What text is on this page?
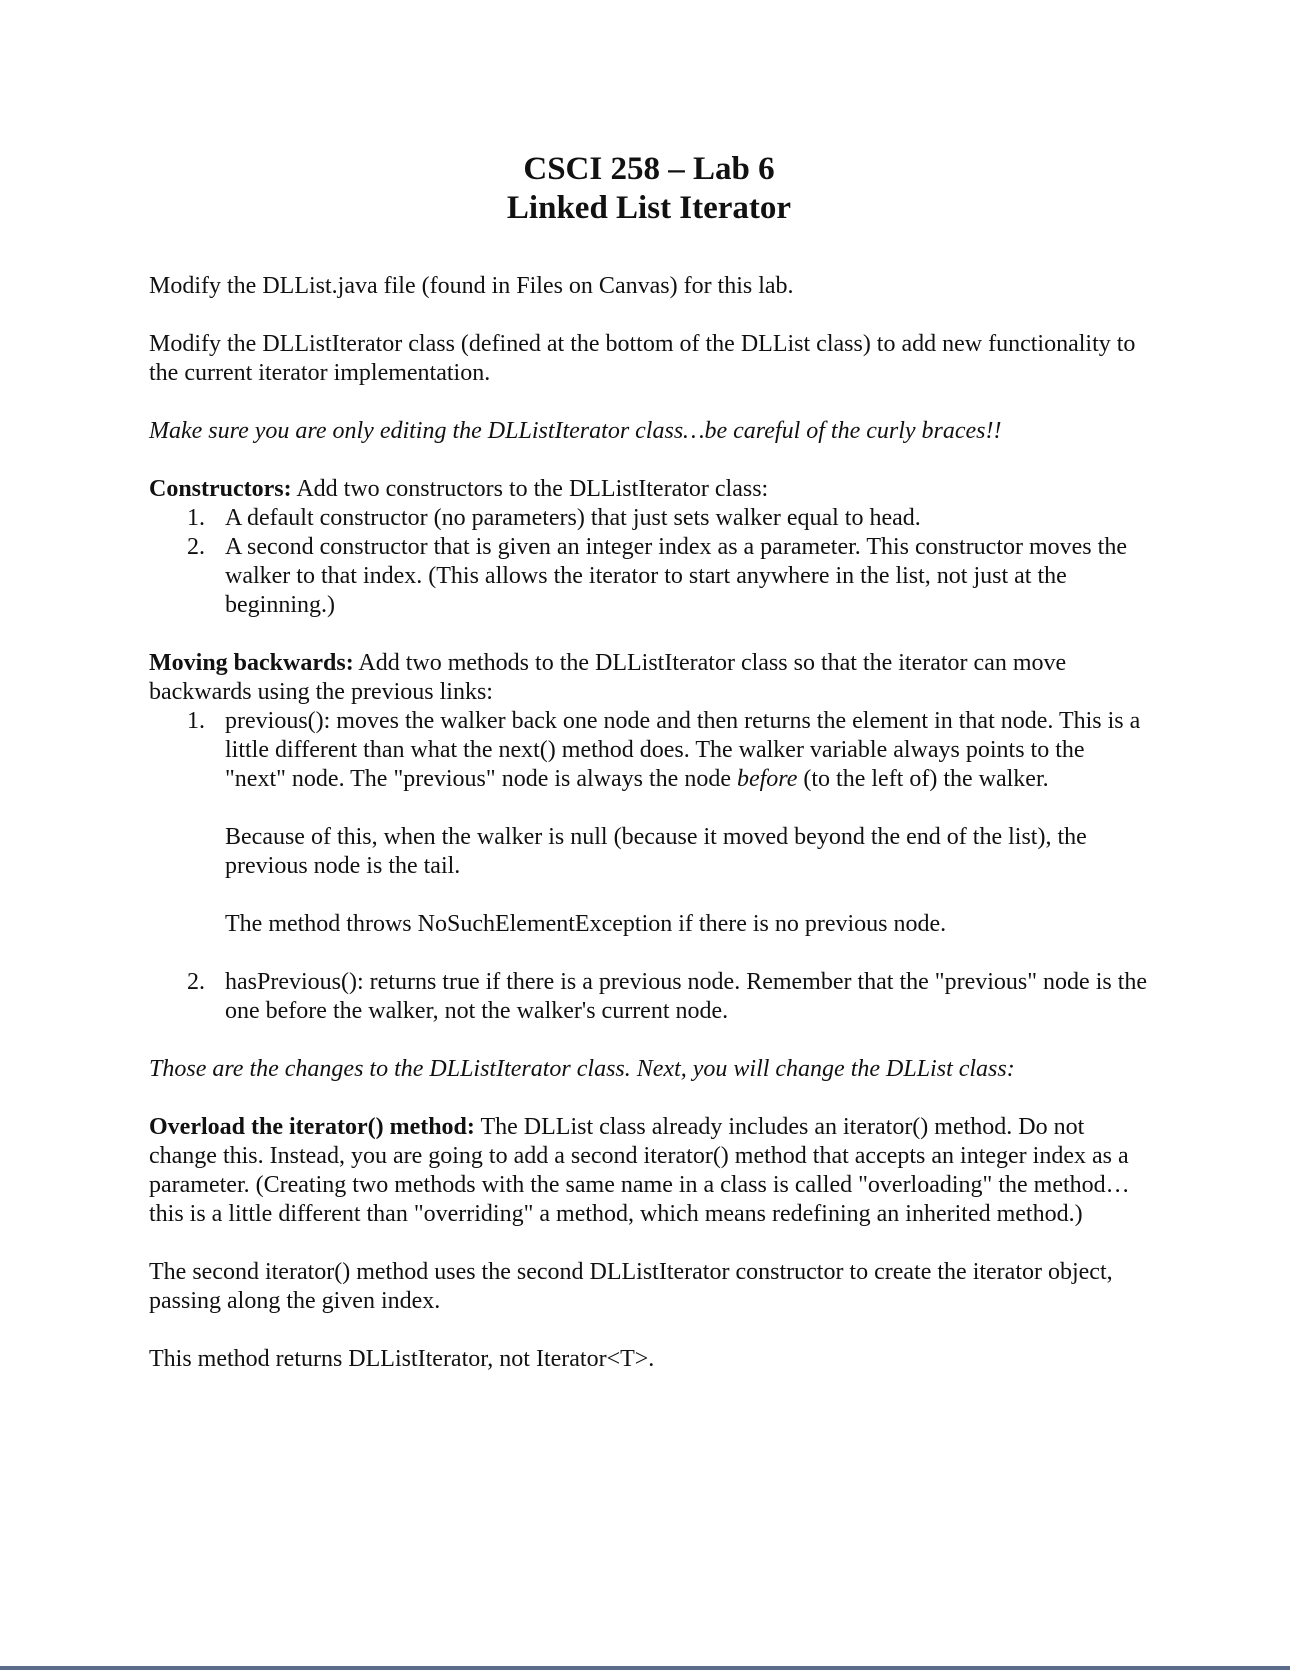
CSCI 258 – Lab 6
Linked List Iterator

Modify the DLList.java file (found in Files on Canvas) for this lab.

Modify the DLListIterator class (defined at the bottom of the DLList class) to add new functionality to the current iterator implementation.

Make sure you are only editing the DLListIterator class…be careful of the curly braces!!

Constructors: Add two constructors to the DLListIterator class:
1. A default constructor (no parameters) that just sets walker equal to head.
2. A second constructor that is given an integer index as a parameter. This constructor moves the walker to that index. (This allows the iterator to start anywhere in the list, not just at the beginning.)
Moving backwards: Add two methods to the DLListIterator class so that the iterator can move backwards using the previous links:
1. previous(): moves the walker back one node and then returns the element in that node. This is a little different than what the next() method does. The walker variable always points to the "next" node. The "previous" node is always the node before (to the left of) the walker.
Because of this, when the walker is null (because it moved beyond the end of the list), the previous node is the tail.
The method throws NoSuchElementException if there is no previous node.
2. hasPrevious(): returns true if there is a previous node. Remember that the "previous" node is the one before the walker, not the walker's current node.

Those are the changes to the DLListIterator class. Next, you will change the DLList class:

Overload the iterator() method: The DLList class already includes an iterator() method. Do not change this. Instead, you are going to add a second iterator() method that accepts an integer index as a parameter. (Creating two methods with the same name in a class is called "overloading" the method…this is a little different than "overriding" a method, which means redefining an inherited method.)

The second iterator() method uses the second DLListIterator constructor to create the iterator object, passing along the given index.

This method returns DLListIterator, not Iterator<T>.
